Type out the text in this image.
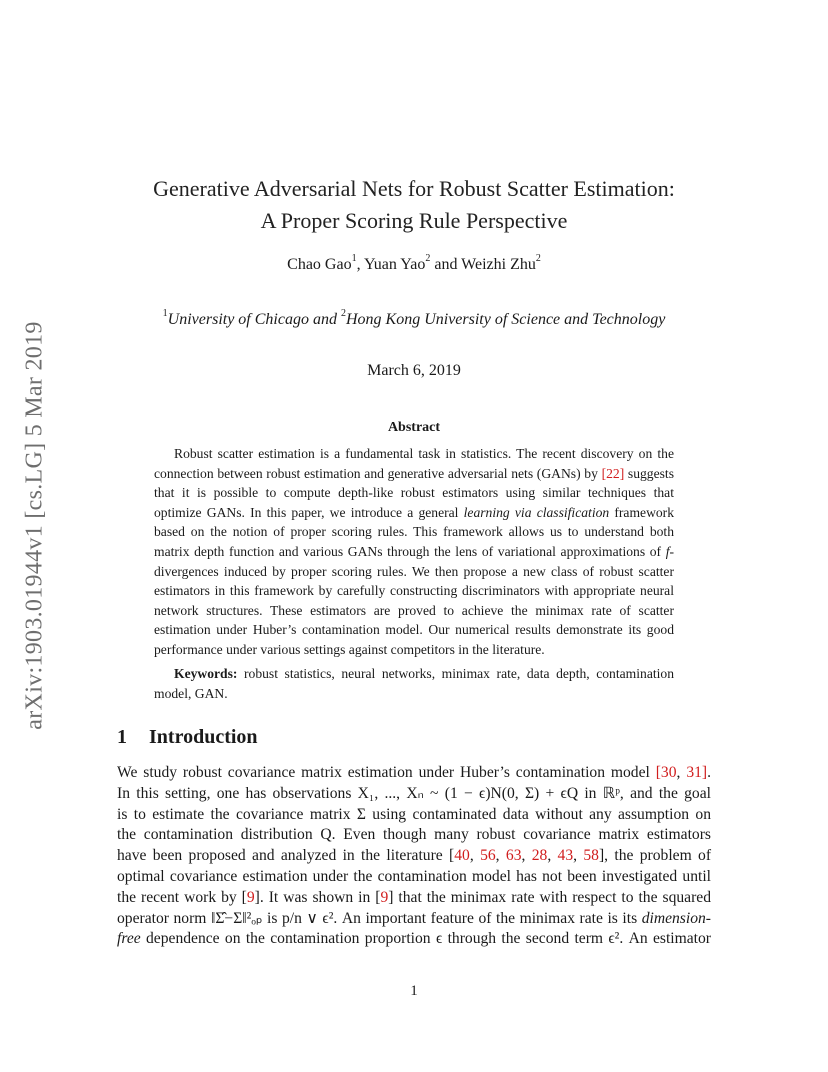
arXiv:1903.01944v1 [cs.LG] 5 Mar 2019
Generative Adversarial Nets for Robust Scatter Estimation:
A Proper Scoring Rule Perspective
Chao Gao$^1$, Yuan Yao$^2$ and Weizhi Zhu$^2$
$^1$University of Chicago and $^2$Hong Kong University of Science and Technology
March 6, 2019
Abstract

Robust scatter estimation is a fundamental task in statistics. The recent discovery on the connection between robust estimation and generative adversarial nets (GANs) by [22] suggests that it is possible to compute depth-like robust estimators using similar techniques that optimize GANs. In this paper, we introduce a general learning via classification framework based on the notion of proper scoring rules. This framework allows us to understand both matrix depth function and various GANs through the lens of variational approximations of f-divergences induced by proper scoring rules. We then propose a new class of robust scatter estimators in this framework by carefully constructing discriminators with appropriate neural network structures. These estimators are proved to achieve the minimax rate of scatter estimation under Huber’s contamination model. Our numerical results demonstrate its good performance under various settings against competitors in the literature.

Keywords: robust statistics, neural networks, minimax rate, data depth, contamination model, GAN.
1 Introduction
We study robust covariance matrix estimation under Huber’s contamination model [30, 31].
In this setting, one has observations X₁, ..., Xₙ ~ (1 − ϵ)N(0, Σ) + ϵQ in ℝᵖ, and the goal
is to estimate the covariance matrix Σ using contaminated data without any assumption on
the contamination distribution Q. Even though many robust covariance matrix estimators
have been proposed and analyzed in the literature [40, 56, 63, 28, 43, 58], the problem of
optimal covariance estimation under the contamination model has not been investigated until
the recent work by [9]. It was shown in [9] that the minimax rate with respect to the squared
operator norm ‖Σ̂−Σ‖²ₒₚ is p/n ∨ ϵ². An important feature of the minimax rate is its dimension-
free dependence on the contamination proportion ϵ through the second term ϵ². An estimator
1
